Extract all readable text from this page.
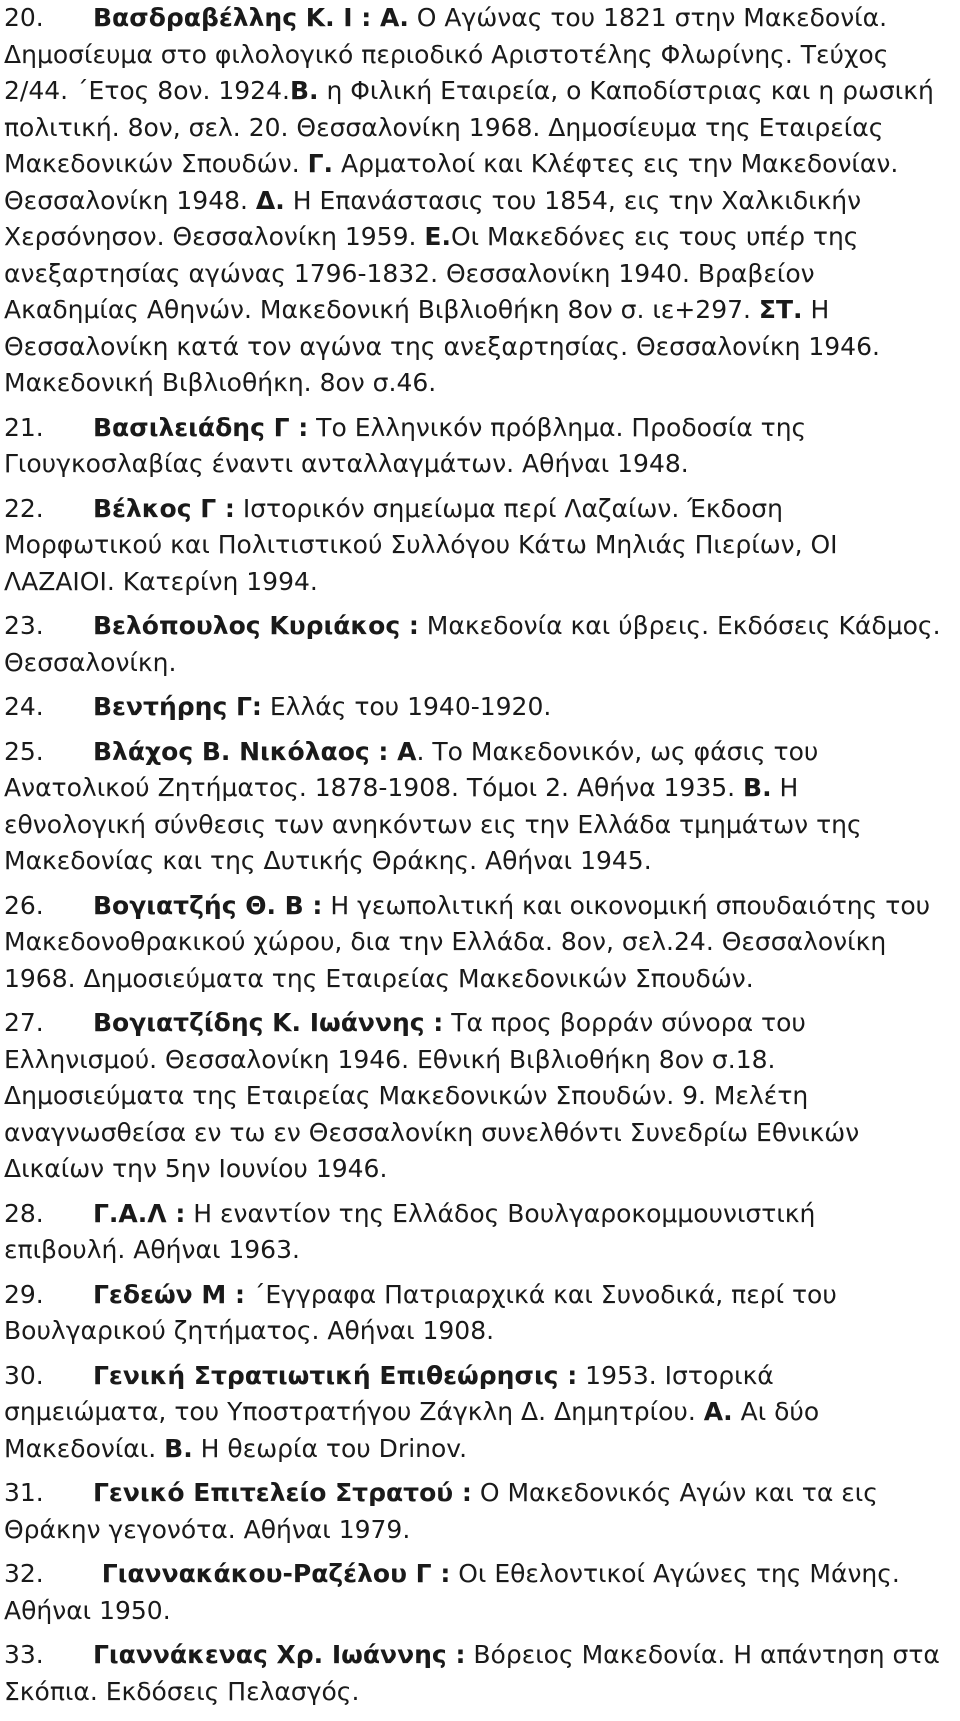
20. Βασδραβέλλης Κ. Ι : Α. Ο Αγώνας του 1821 στην Μακεδονία. Δημοσίευμα στο φιλολογικό περιοδικό Αριστοτέλης Φλωρίνης. Τεύχος 2/44. ΄Ετος 8ον. 1924.Β. η Φιλική Εταιρεία, ο Καποδίστριας και η ρωσική πολιτική. 8ον, σελ. 20. Θεσσαλονίκη 1968. Δημοσίευμα της Εταιρείας Μακεδονικών Σπουδών. Γ. Αρματολοί και Κλέφτες εις την Μακεδονίαν. Θεσσαλονίκη 1948. Δ. Η Επανάστασις του 1854, εις την Χαλκιδικήν Χερσόνησον. Θεσσαλονίκη 1959. Ε.Οι Μακεδόνες εις τους υπέρ της ανεξαρτησίας αγώνας 1796-1832. Θεσσαλονίκη 1940. Βραβείον Ακαδημίας Αθηνών. Μακεδονική Βιβλιοθήκη 8ον σ. ιε+297. ΣΤ. Η Θεσσαλονίκη κατά τον αγώνα της ανεξαρτησίας. Θεσσαλονίκη 1946. Μακεδονική Βιβλιοθήκη. 8ον σ.46.
21. Βασιλειάδης Γ : Το Ελληνικόν πρόβλημα. Προδοσία της Γιουγκοσλαβίας έναντι ανταλλαγμάτων. Αθήναι 1948.
22. Βέλκος Γ : Ιστορικόν σημείωμα περί Λαζαίων. Έκδοση Μορφωτικού και Πολιτιστικού Συλλόγου Κάτω Μηλιάς Πιερίων, ΟΙ ΛΑΖΑΙΟΙ. Κατερίνη 1994.
23. Βελόπουλος Κυριάκος : Μακεδονία και ύβρεις. Εκδόσεις Κάδμος. Θεσσαλονίκη.
24. Βεντήρης Γ: Ελλάς του 1940-1920.
25. Βλάχος Β. Νικόλαος : Α. Το Μακεδονικόν, ως φάσις του Ανατολικού Ζητήματος. 1878-1908. Τόμοι 2. Αθήνα 1935. Β. Η εθνολογική σύνθεσις των ανηκόντων εις την Ελλάδα τμημάτων της Μακεδονίας και της Δυτικής Θράκης. Αθήναι 1945.
26. Βογιατζής Θ. Β : Η γεωπολιτική και οικονομική σπουδαιότης του Μακεδονοθρακικού χώρου, δια την Ελλάδα. 8ον, σελ.24. Θεσσαλονίκη 1968. Δημοσιεύματα της Εταιρείας Μακεδονικών Σπουδών.
27. Βογιατζίδης Κ. Ιωάννης : Τα προς βορράν σύνορα του Ελληνισμού. Θεσσαλονίκη 1946. Εθνική Βιβλιοθήκη 8ον σ.18. Δημοσιεύματα της Εταιρείας Μακεδονικών Σπουδών. 9. Μελέτη αναγνωσθείσα εν τω εν Θεσσαλονίκη συνελθόντι Συνεδρίω Εθνικών Δικαίων την 5ην Ιουνίου 1946.
28. Γ.Α.Λ : Η εναντίον της Ελλάδος Βουλγαροκομμουνιστική επιβουλή. Αθήναι 1963.
29. Γεδεών Μ : ΄Εγγραφα Πατριαρχικά και Συνοδικά, περί του Βουλγαρικού ζητήματος. Αθήναι 1908.
30. Γενική Στρατιωτική Επιθεώρησις : 1953. Ιστορικά σημειώματα, του Υποστρατήγου Ζάγκλη Δ. Δημητρίου. Α. Αι δύο Μακεδονίαι. Β. Η θεωρία του Drinov.
31. Γενικό Επιτελείο Στρατού : Ο Μακεδονικός Αγών και τα εις Θράκην γεγονότα. Αθήναι 1979.
32. Γιαννακάκου-Ραζέλου Γ : Οι Εθελοντικοί Αγώνες της Μάνης. Αθήναι 1950.
33. Γιαννάκενας Χρ. Ιωάννης : Βόρειος Μακεδονία. Η απάντηση στα Σκόπια. Εκδόσεις Πελασγός.
